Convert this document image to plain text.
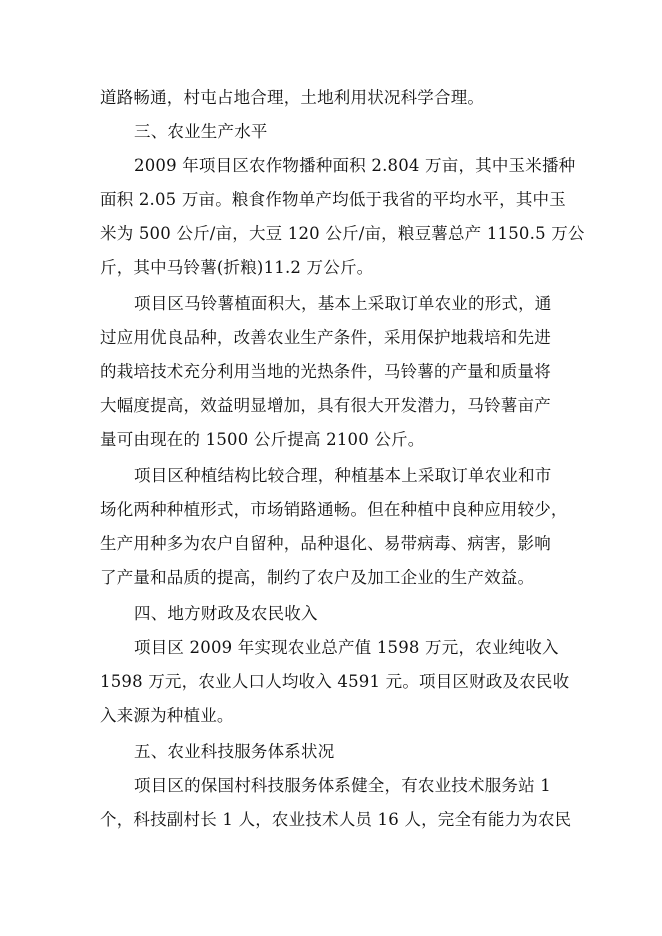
道路畅通，村屯占地合理，土地利用状况科学合理。
三、农业生产水平
2009 年项目区农作物播种面积 2.804 万亩，其中玉米播种
面积 2.05 万亩。粮食作物单产均低于我省的平均水平，其中玉
米为 500 公斤/亩，大豆 120 公斤/亩，粮豆薯总产 1150.5 万公
斤，其中马铃薯(折粮)11.2 万公斤。
项目区马铃薯植面积大，基本上采取订单农业的形式，通
过应用优良品种，改善农业生产条件，采用保护地栽培和先进
的栽培技术充分利用当地的光热条件，马铃薯的产量和质量将
大幅度提高，效益明显增加，具有很大开发潜力，马铃薯亩产
量可由现在的 1500 公斤提高 2100 公斤。
项目区种植结构比较合理，种植基本上采取订单农业和市
场化两种种植形式，市场销路通畅。但在种植中良种应用较少，
生产用种多为农户自留种，品种退化、易带病毒、病害，影响
了产量和品质的提高，制约了农户及加工企业的生产效益。
四、地方财政及农民收入
项目区 2009 年实现农业总产值 1598 万元，农业纯收入
1598 万元，农业人口人均收入 4591 元。项目区财政及农民收
入来源为种植业。
五、农业科技服务体系状况
项目区的保国村科技服务体系健全，有农业技术服务站 1
个，科技副村长 1 人，农业技术人员 16 人，完全有能力为农民
